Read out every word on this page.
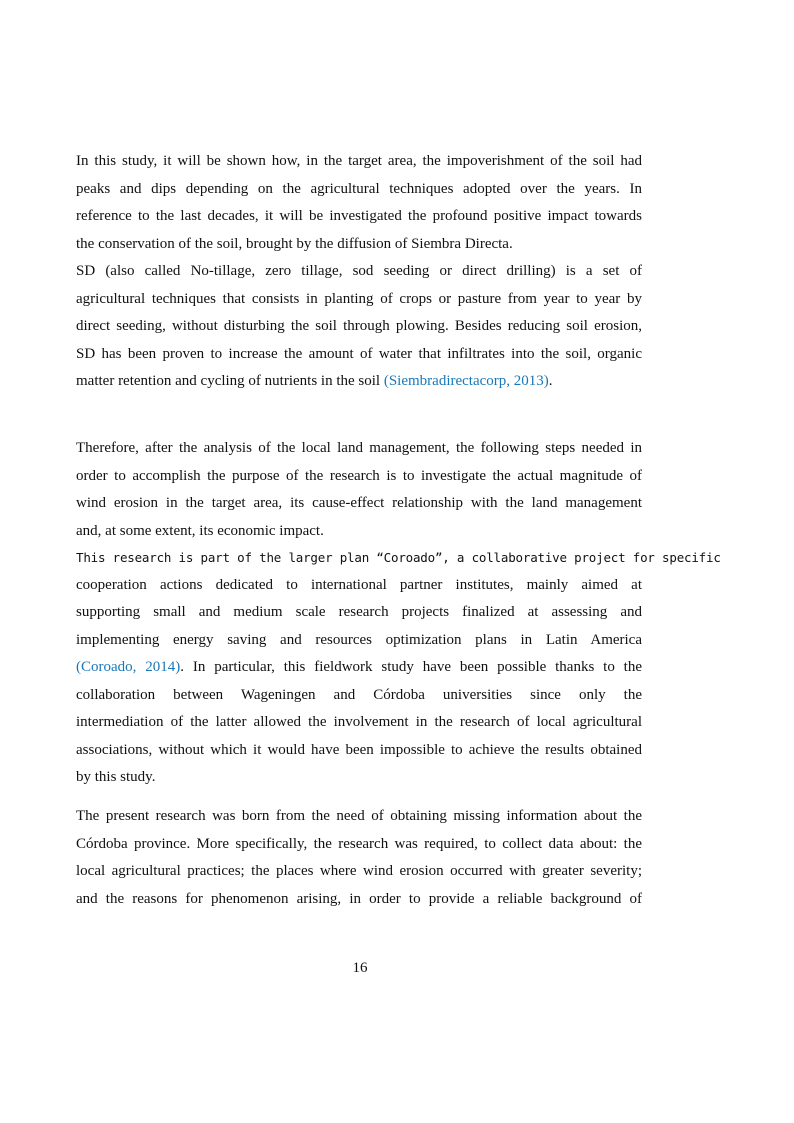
In this study, it will be shown how, in the target area, the impoverishment of the soil had
peaks and dips depending on the agricultural techniques adopted over the years. In
reference to the last decades, it will be investigated the profound positive impact towards
the conservation of the soil, brought by the diffusion of Siembra Directa.
SD (also called No-tillage, zero tillage, sod seeding or direct drilling) is a set of
agricultural techniques that consists in planting of crops or pasture from year to year by
direct seeding, without disturbing the soil through plowing. Besides reducing soil erosion,
SD has been proven to increase the amount of water that infiltrates into the soil, organic
matter retention and cycling of nutrients in the soil (Siembradirectacorp, 2013).
Therefore, after the analysis of the local land management, the following steps needed in
order to accomplish the purpose of the research is to investigate the actual magnitude of
wind erosion in the target area, its cause-effect relationship with the land management
and, at some extent, its economic impact.
This research is part of the larger plan “Coroado”, a collaborative project for specific
cooperation actions dedicated to international partner institutes, mainly aimed at
supporting small and medium scale research projects finalized at assessing and
implementing energy saving and resources optimization plans in Latin America
(Coroado, 2014). In particular, this fieldwork study have been possible thanks to the
collaboration between Wageningen and Córdoba universities since only the
intermediation of the latter allowed the involvement in the research of local agricultural
associations, without which it would have been impossible to achieve the results obtained
by this study.
The present research was born from the need of obtaining missing information about the
Córdoba province. More specifically, the research was required, to collect data about: the
local agricultural practices; the places where wind erosion occurred with greater severity;
and the reasons for phenomenon arising, in order to provide a reliable background of
16
